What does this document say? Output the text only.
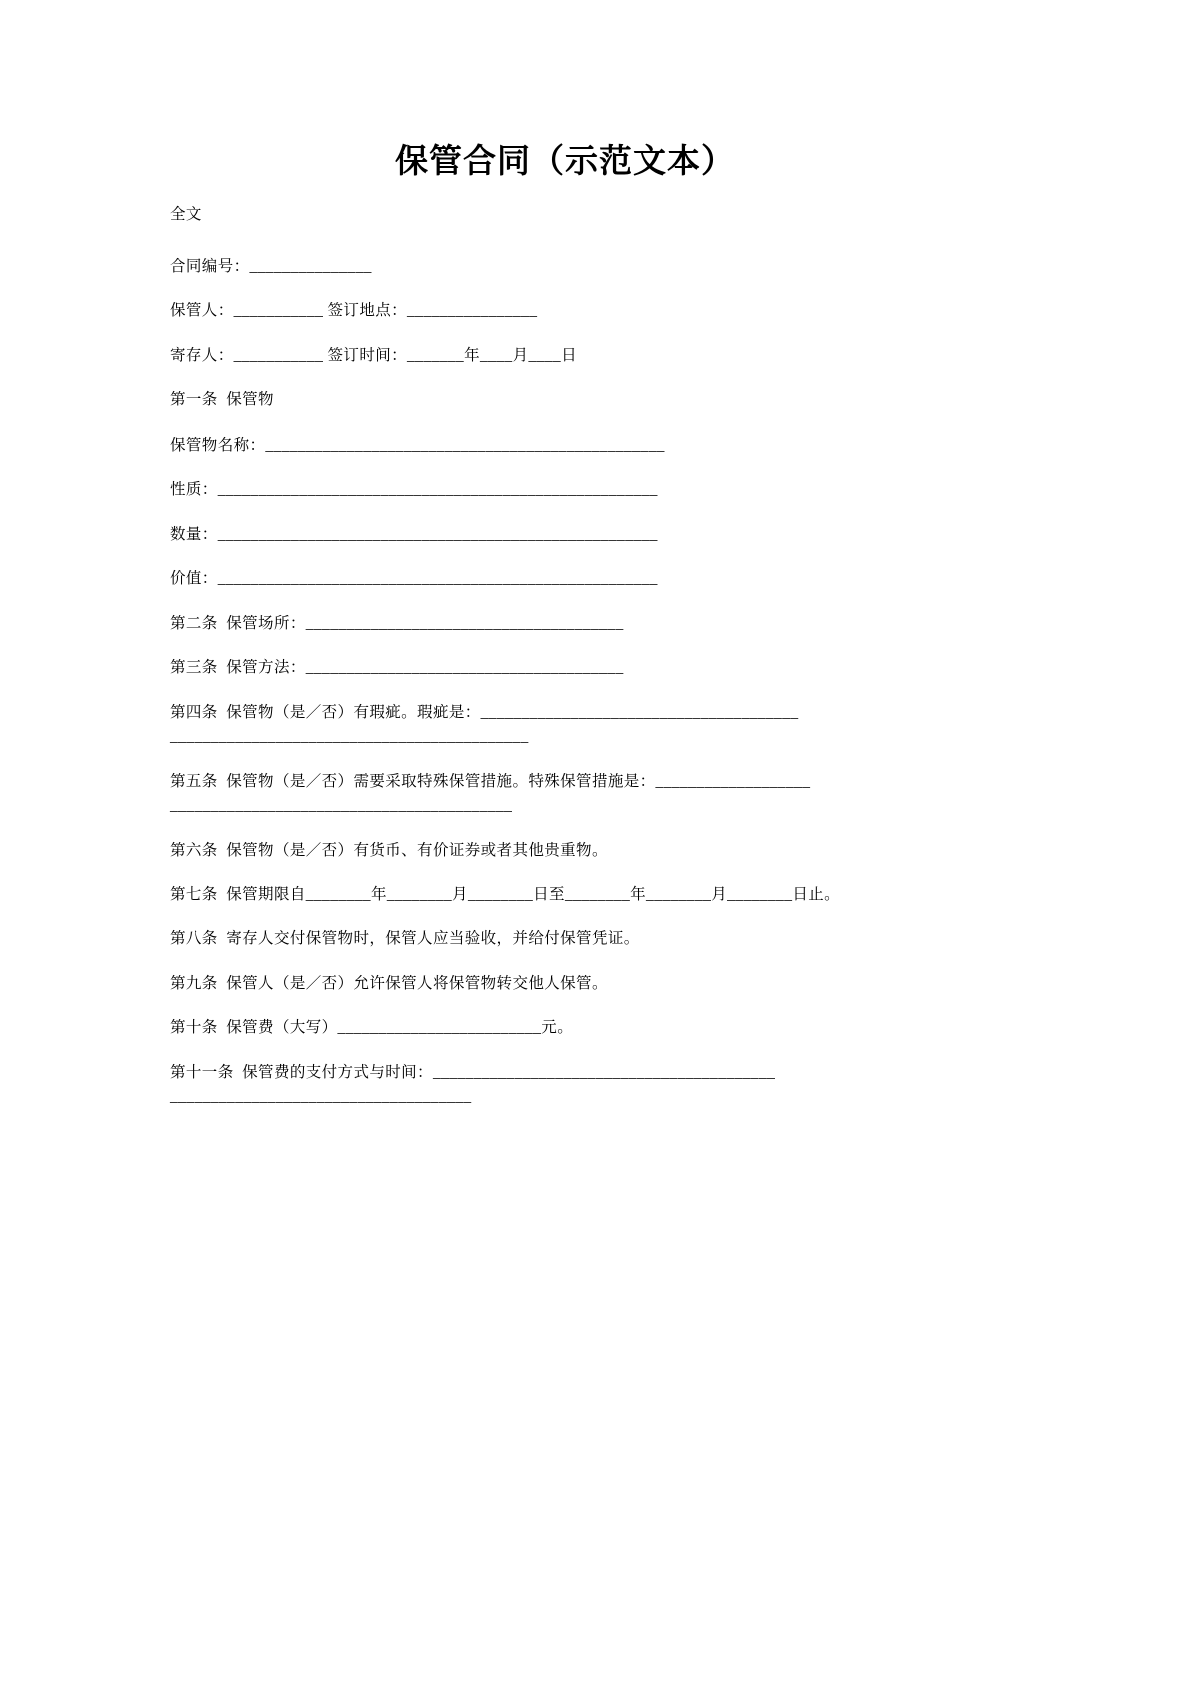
保管合同（示范文本）

全文

合同编号：_______________

保管人：___________ 签订地点：________________

寄存人：___________ 签订时间：_______年____月____日

第一条  保管物

保管物名称：_________________________________________________

性质：______________________________________________________

数量：______________________________________________________

价值：______________________________________________________

第二条  保管场所：_______________________________________

第三条  保管方法：_______________________________________

第四条  保管物（是／否）有瑕疵。瑕疵是：_______________________________________
____________________________________________

第五条  保管物（是／否）需要采取特殊保管措施。特殊保管措施是：___________________
__________________________________________

第六条  保管物（是／否）有货币、有价证券或者其他贵重物。

第七条  保管期限自________年________月________日至________年________月________日止。

第八条  寄存人交付保管物时，保管人应当验收，并给付保管凭证。

第九条  保管人（是／否）允许保管人将保管物转交他人保管。

第十条  保管费（大写）_________________________元。

第十一条  保管费的支付方式与时间：__________________________________________
_____________________________________
